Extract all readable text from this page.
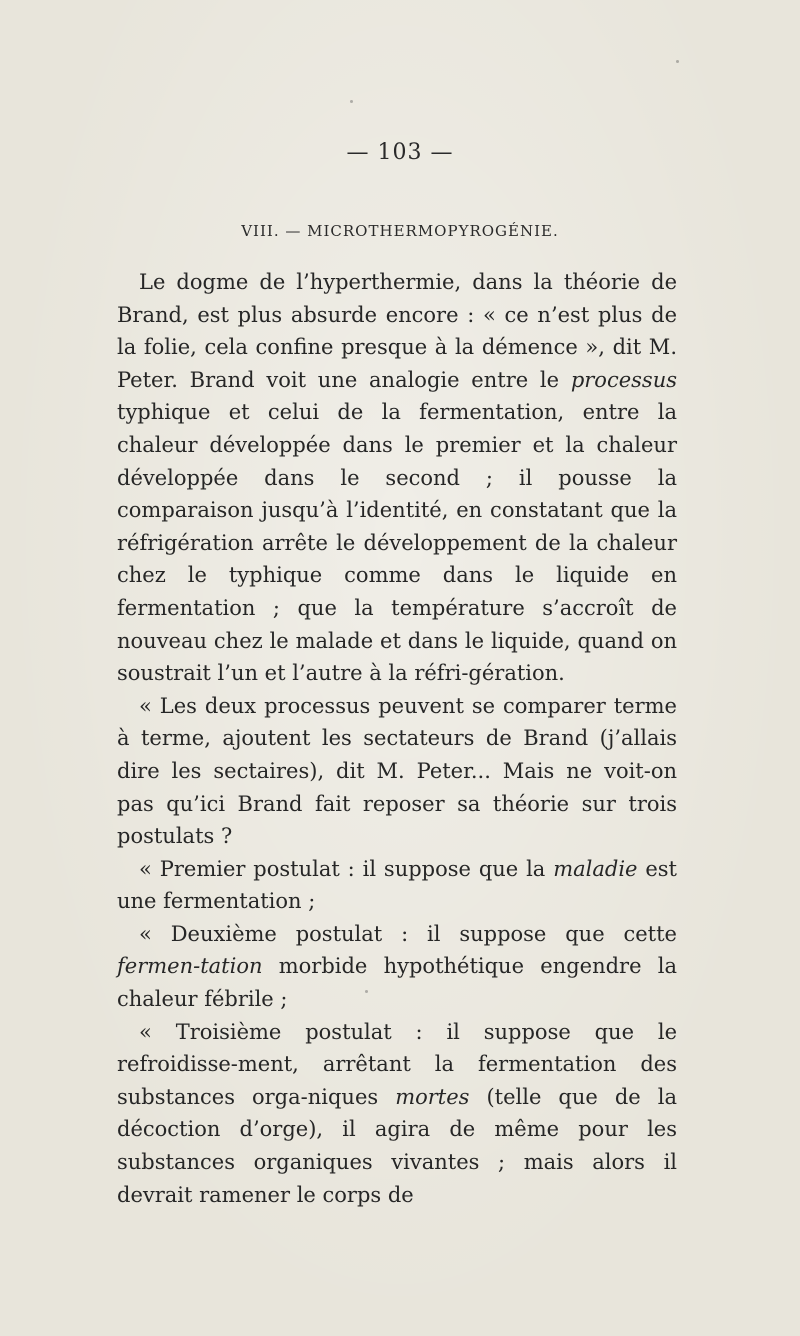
— 103 —
VIII. — MICROTHERMOPYROGÉNIE.

Le dogme de l’hyperthermie, dans la théorie de Brand, est plus absurde encore : « ce n’est plus de la folie, cela confine presque à la démence », dit M. Peter. Brand voit une analogie entre le processus typhique et celui de la fermentation, entre la chaleur développée dans le premier et la chaleur développée dans le second ; il pousse la comparaison jusqu’à l’identité, en constatant que la réfrigération arrête le développement de la chaleur chez le typhique comme dans le liquide en fermentation ; que la température s’accroît de nouveau chez le malade et dans le liquide, quand on soustrait l’un et l’autre à la réfri-gération.

« Les deux processus peuvent se comparer terme à terme, ajoutent les sectateurs de Brand (j’allais dire les sectaires), dit M. Peter... Mais ne voit-on pas qu’ici Brand fait reposer sa théorie sur trois postulats ?

« Premier postulat : il suppose que la maladie est une fermentation ;

« Deuxième postulat : il suppose que cette fermen-tation morbide hypothétique engendre la chaleur fébrile ;

« Troisième postulat : il suppose que le refroidisse-ment, arrêtant la fermentation des substances orga-niques mortes (telle que de la décoction d’orge), il agira de même pour les substances organiques vivantes ; mais alors il devrait ramener le corps de
